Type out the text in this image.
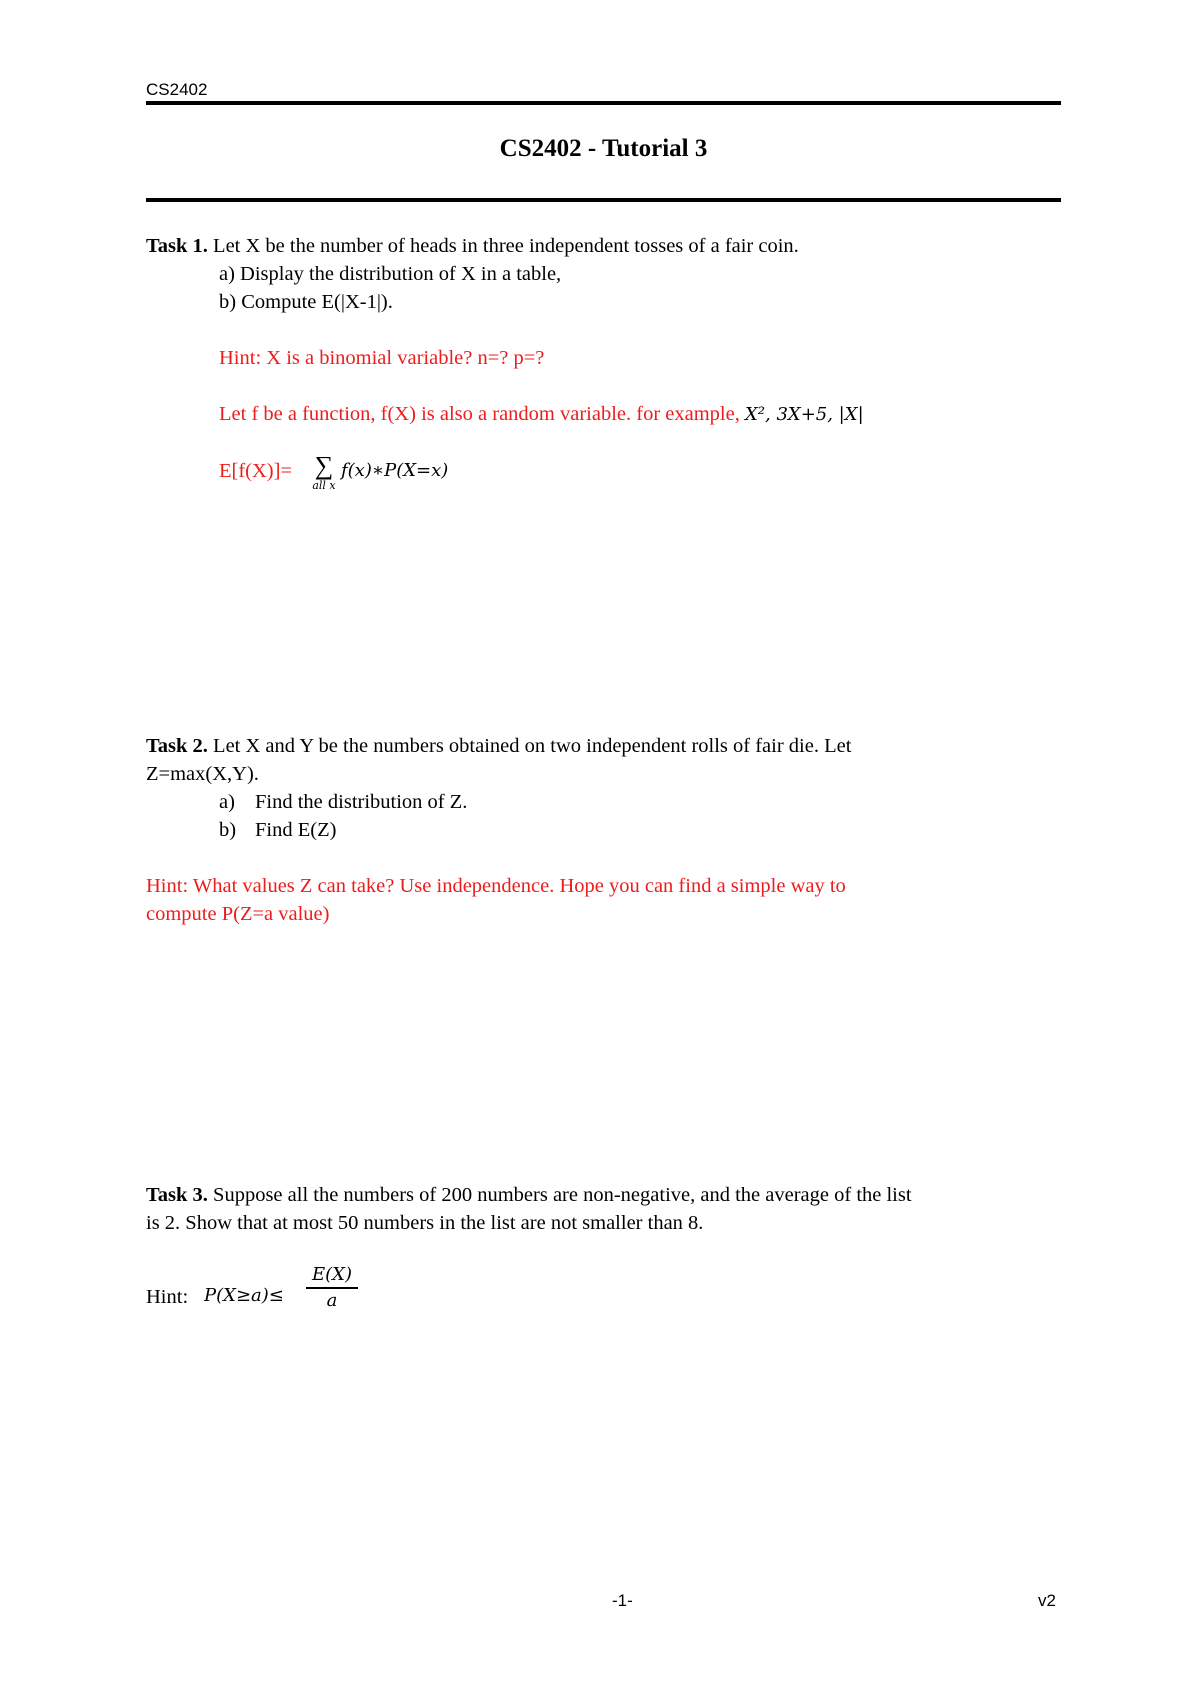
CS2402
CS2402 - Tutorial 3
Task 1. Let X be the number of heads in three independent tosses of a fair coin.
a) Display the distribution of X in a table,
b) Compute E(|X-1|).
Hint: X is a binomial variable? n=? p=?
Let f be a function, f(X) is also a random variable. for example, X², 3X+5, |X|
E[f(X)]= ∑
all x
f(x)∗P(X=x)
Task 2. Let X and Y be the numbers obtained on two independent rolls of fair die. Let
Z=max(X,Y).
a) Find the distribution of Z.
b) Find E(Z)
Hint: What values Z can take? Use independence. Hope you can find a simple way to
compute P(Z=a value)
Task 3. Suppose all the numbers of 200 numbers are non-negative, and the average of the list
is 2. Show that at most 50 numbers in the list are not smaller than 8.
Hint: P(X≥a)≤
E(X)
a
-1-	v2
